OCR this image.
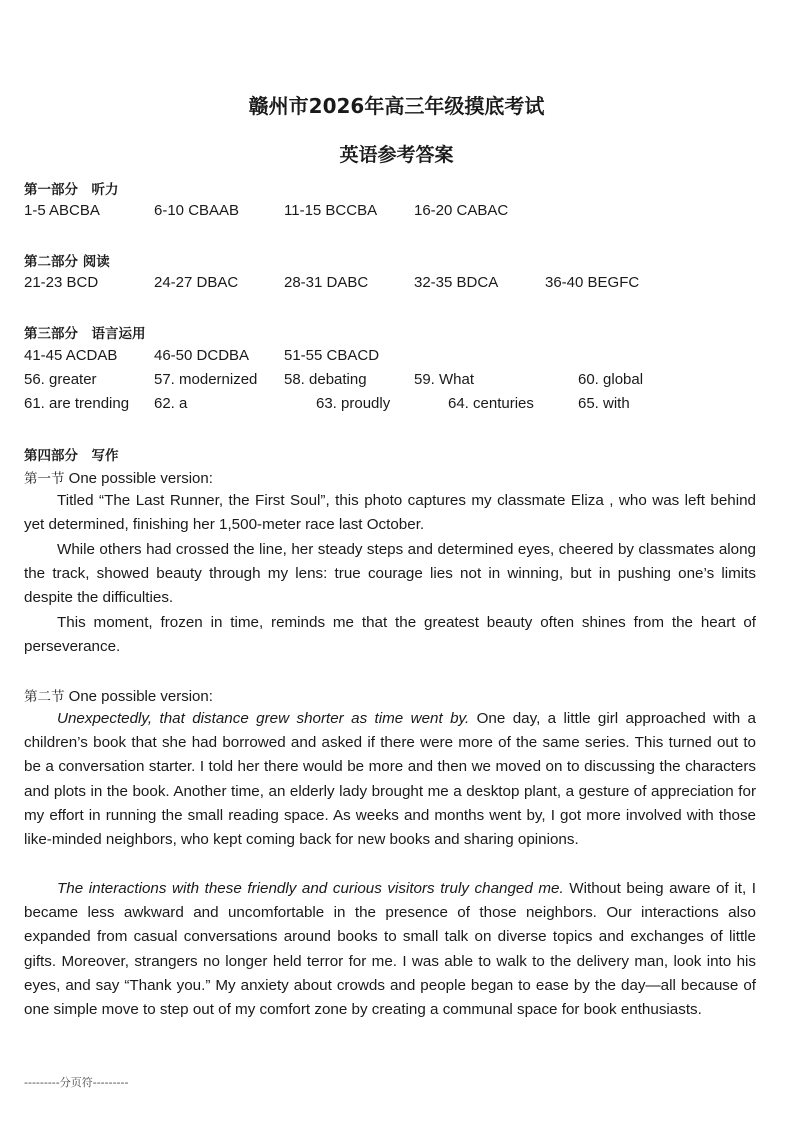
赣州市2026年高三年级摸底考试
英语参考答案
第一部分　听力
1-5 ABCBA	6-10 CBAAB	11-15 BCCBA 16-20 CABAC
第二部分 阅读
21-23 BCD	24-27 DBAC	28-31 DABC	32-35 BDCA	36-40 BEGFC
第三部分　语言运用
41-45 ACDAB 46-50 DCDBA 51-55 CBACD
56. greater	57. modernized 58. debating	59. What	60. global
61. are trending 62. a	63. proudly	64. centuries	65. with
第四部分　写作
第一节 One possible version:

Titled “The Last Runner, the First Soul”, this photo captures my classmate Eliza , who was left behind yet determined, finishing her 1,500-meter race last October.

While others had crossed the line, her steady steps and determined eyes, cheered by classmates along the track, showed beauty through my lens: true courage lies not in winning, but in pushing one’s limits despite the difficulties.

This moment, frozen in time, reminds me that the greatest beauty often shines from the heart of perseverance.

第二节 One possible version:

Unexpectedly, that distance grew shorter as time went by. One day, a little girl approached with a children’s book that she had borrowed and asked if there were more of the same series. This turned out to be a conversation starter. I told her there would be more and then we moved on to discussing the characters and plots in the book. Another time, an elderly lady brought me a desktop plant, a gesture of appreciation for my effort in running the small reading space. As weeks and months went by, I got more involved with those like-minded neighbors, who kept coming back for new books and sharing opinions.

The interactions with these friendly and curious visitors truly changed me. Without being aware of it, I became less awkward and uncomfortable in the presence of those neighbors. Our interactions also expanded from casual conversations around books to small talk on diverse topics and exchanges of little gifts. Moreover, strangers no longer held terror for me. I was able to walk to the delivery man, look into his eyes, and say “Thank you.” My anxiety about crowds and people began to ease by the day—all because of one simple move to step out of my comfort zone by creating a communal space for book enthusiasts.

---------分页符---------
